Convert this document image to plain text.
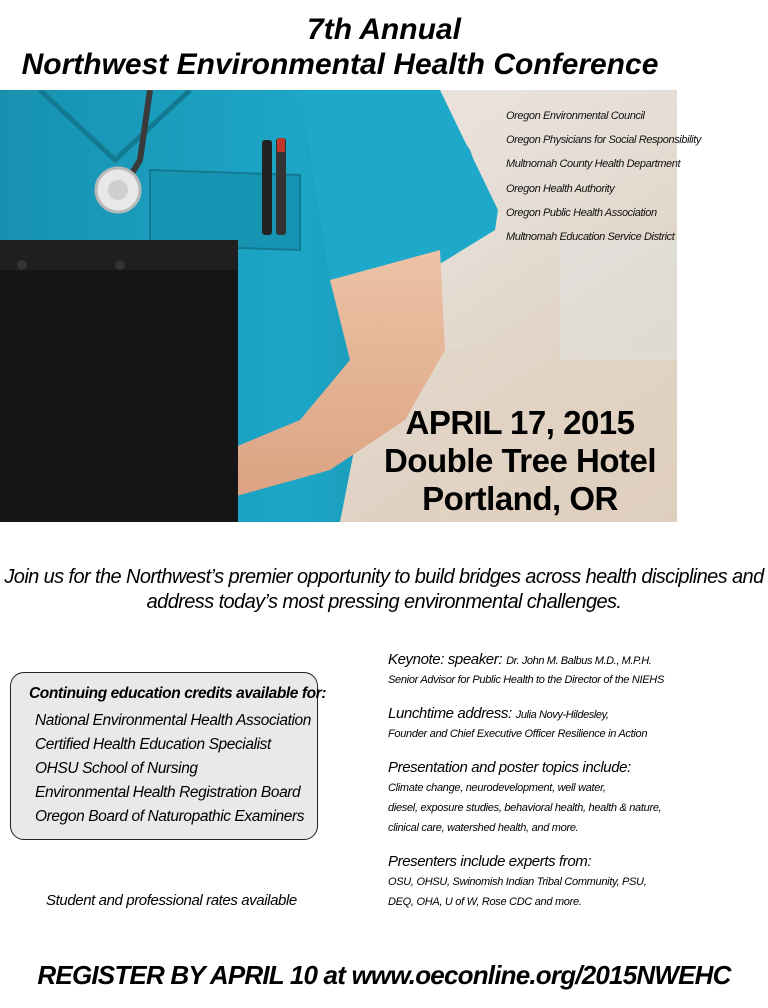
7th Annual
Northwest Environmental Health Conference
Oregon Environmental Council
Oregon Physicians for Social Responsibility
Multnomah County Health Department
Oregon Health Authority
Oregon Public Health Association
Multnomah Education Service District
APRIL 17, 2015
Double Tree Hotel
Portland, OR
Join us for the Northwest’s premier opportunity to build bridges across health disciplines and
address today’s most pressing environmental challenges.
Continuing education credits available for:
National Environmental Health Association
Certified Health Education Specialist
OHSU School of Nursing
Environmental Health Registration Board
Oregon Board of Naturopathic Examiners
Student and professional rates available
Keynote: speaker: Dr. John M. Balbus M.D., M.P.H.
Senior Advisor for Public Health to the Director of the NIEHS
Lunchtime address: Julia Novy-Hildesley,
Founder and Chief Executive Officer Resilience in Action
Presentation and poster topics include:
Climate change, neurodevelopment, well water,
diesel, exposure studies, behavioral health, health & nature,
clinical care, watershed health, and more.
Presenters include experts from:
OSU, OHSU, Swinomish Indian Tribal Community, PSU,
DEQ, OHA, U of W, Rose CDC and more.
REGISTER BY APRIL 10 at www.oeconline.org/2015NWEHC
